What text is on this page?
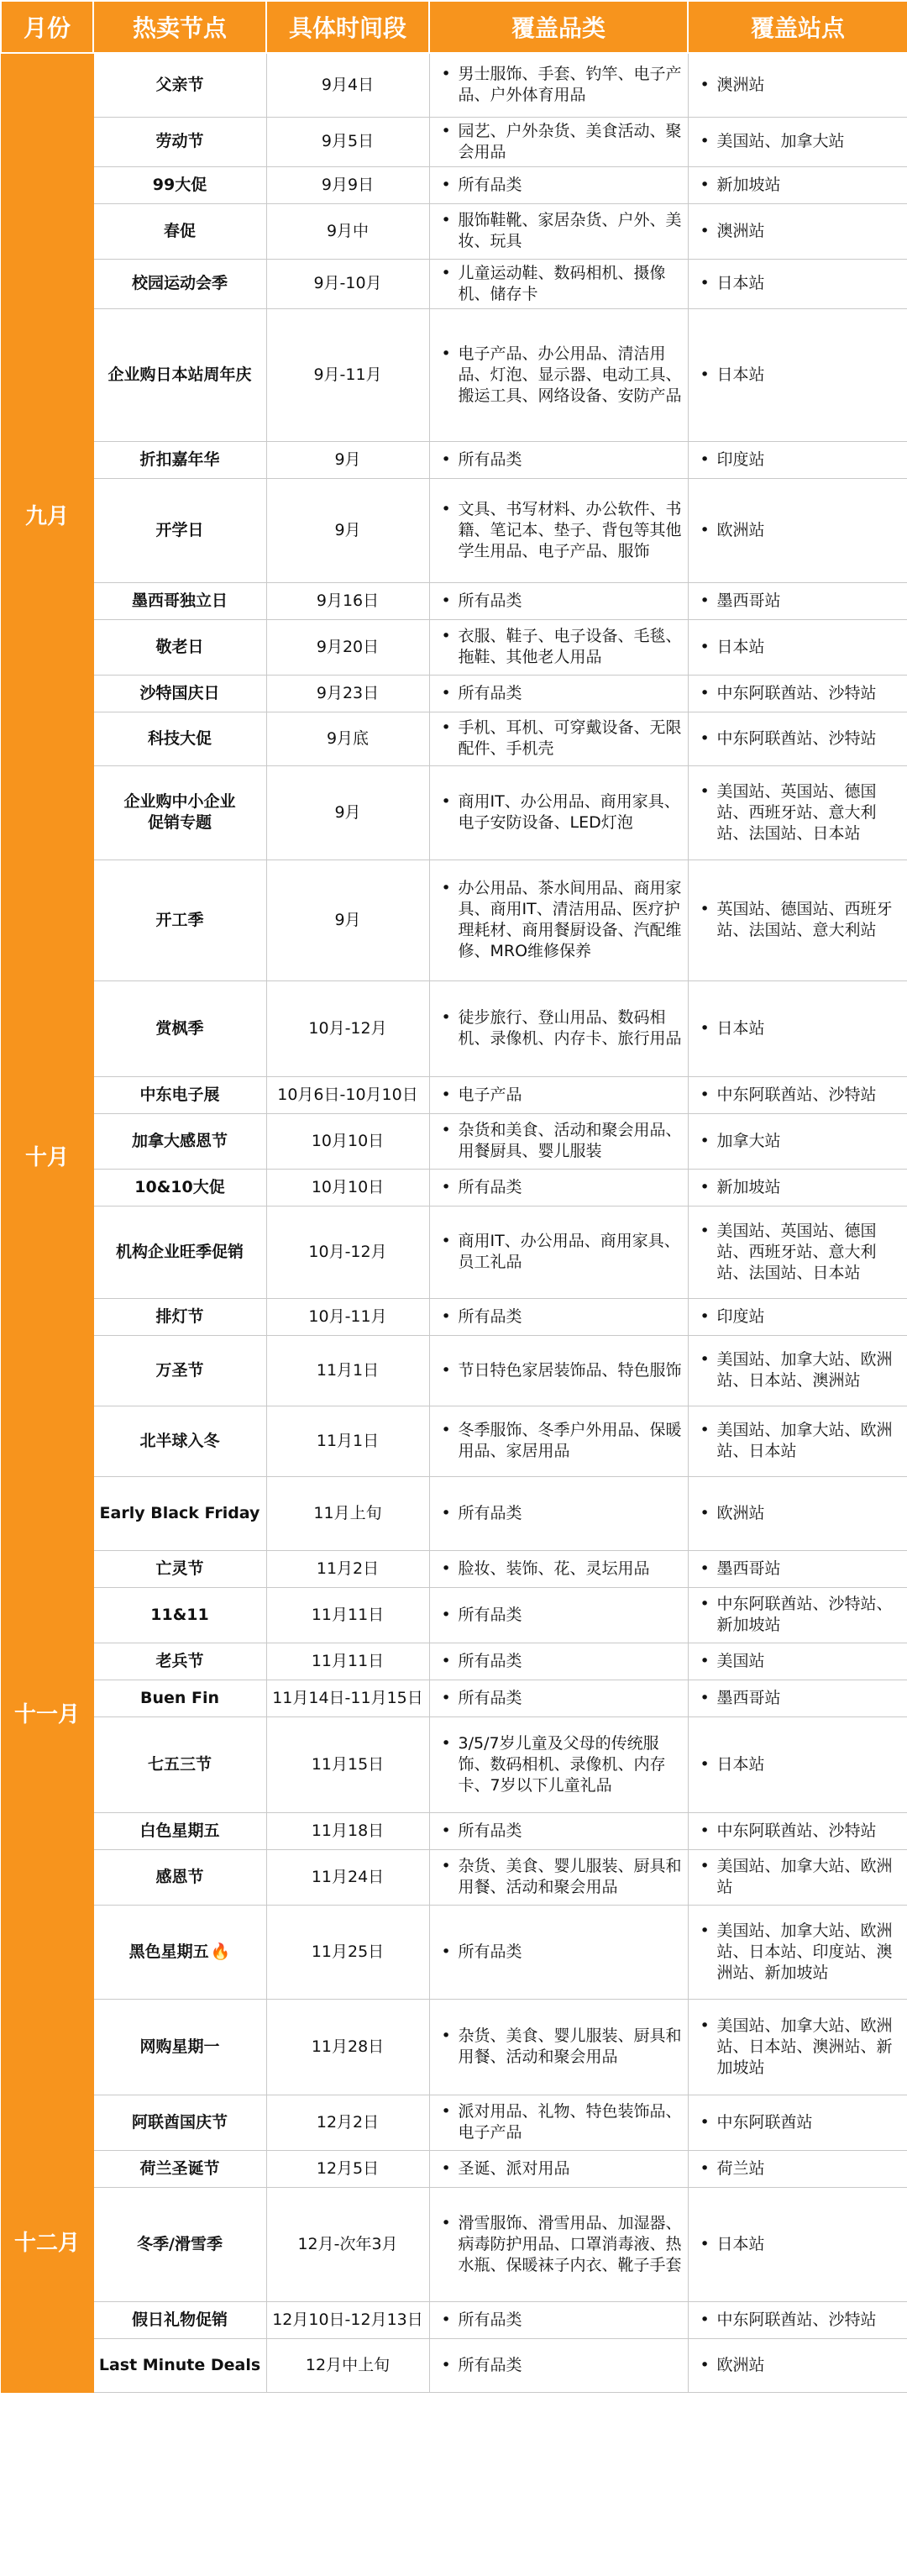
月份	热卖节点	具体时间段	覆盖品类	覆盖站点
九月	父亲节	9月4日	• 男士服饰、手套、钓竿、电子产品、户外体育用品	• 澳洲站

	劳动节	9月5日	• 园艺、户外杂货、美食活动、聚会用品	• 美国站、加拿大站

	99大促	9月9日	• 所有品类	• 新加坡站

	春促	9月中	• 服饰鞋靴、家居杂货、户外、美妆、玩具	• 澳洲站

	校园运动会季	9月-10月	• 儿童运动鞋、数码相机、摄像机、储存卡	• 日本站

	企业购日本站周年庆	9月-11月	• 电子产品、办公用品、清洁用品、灯泡、显示器、电动工具、搬运工具、网络设备、安防产品	• 日本站

	折扣嘉年华	9月	• 所有品类	• 印度站

	开学日	9月	• 文具、书写材料、办公软件、书籍、笔记本、垫子、背包等其他学生用品、电子产品、服饰	• 欧洲站

	墨西哥独立日	9月16日	• 所有品类	• 墨西哥站

	敬老日	9月20日	• 衣服、鞋子、电子设备、毛毯、拖鞋、其他老人用品	• 日本站

	沙特国庆日	9月23日	• 所有品类	• 中东阿联酋站、沙特站

	科技大促	9月底	• 手机、耳机、可穿戴设备、无限配件、手机壳	• 中东阿联酋站、沙特站

	企业购中小企业
促销专题	9月	• 商用IT、办公用品、商用家具、电子安防设备、LED灯泡	• 美国站、英国站、德国站、西班牙站、意大利站、法国站、日本站

	开工季	9月	• 办公用品、茶水间用品、商用家具、商用IT、清洁用品、医疗护理耗材、商用餐厨设备、汽配维修、MRO维修保养	• 英国站、德国站、西班牙站、法国站、意大利站

十月	赏枫季	10月-12月	• 徒步旅行、登山用品、数码相机、录像机、内存卡、旅行用品	• 日本站

	中东电子展	10月6日-10月10日	• 电子产品	• 中东阿联酋站、沙特站

	加拿大感恩节	10月10日	• 杂货和美食、活动和聚会用品、用餐厨具、婴儿服装	• 加拿大站

	10&10大促	10月10日	• 所有品类	• 新加坡站

	机构企业旺季促销	10月-12月	• 商用IT、办公用品、商用家具、员工礼品	• 美国站、英国站、德国站、西班牙站、意大利站、法国站、日本站

	排灯节	10月-11月	• 所有品类	• 印度站

十一月	万圣节	11月1日	• 节日特色家居装饰品、特色服饰	• 美国站、加拿大站、欧洲站、日本站、澳洲站

	北半球入冬	11月1日	• 冬季服饰、冬季户外用品、保暖用品、家居用品	• 美国站、加拿大站、欧洲站、日本站

	Early Black Friday	11月上旬	• 所有品类	• 欧洲站

	亡灵节	11月2日	• 脸妆、装饰、花、灵坛用品	• 墨西哥站

	11&11	11月11日	• 所有品类	• 中东阿联酋站、沙特站、新加坡站

	老兵节	11月11日	• 所有品类	• 美国站

	Buen Fin	11月14日-11月15日	• 所有品类	• 墨西哥站

	七五三节	11月15日	• 3/5/7岁儿童及父母的传统服饰、数码相机、录像机、内存卡、7岁以下儿童礼品	• 日本站

	白色星期五	11月18日	• 所有品类	• 中东阿联酋站、沙特站

	感恩节	11月24日	• 杂货、美食、婴儿服装、厨具和用餐、活动和聚会用品	• 美国站、加拿大站、欧洲站

	黑色星期五 🔥	11月25日	• 所有品类	• 美国站、加拿大站、欧洲站、日本站、印度站、澳洲站、新加坡站

	网购星期一	11月28日	• 杂货、美食、婴儿服装、厨具和用餐、活动和聚会用品	• 美国站、加拿大站、欧洲站、日本站、澳洲站、新加坡站

十二月	阿联酋国庆节	12月2日	• 派对用品、礼物、特色装饰品、电子产品	• 中东阿联酋站

	荷兰圣诞节	12月5日	• 圣诞、派对用品	• 荷兰站

	冬季/滑雪季	12月-次年3月	• 滑雪服饰、滑雪用品、加湿器、病毒防护用品、口罩消毒液、热水瓶、保暖袜子内衣、靴子手套	• 日本站

	假日礼物促销	12月10日-12月13日	• 所有品类	• 中东阿联酋站、沙特站

	Last Minute Deals	12月中上旬	• 所有品类	• 欧洲站
